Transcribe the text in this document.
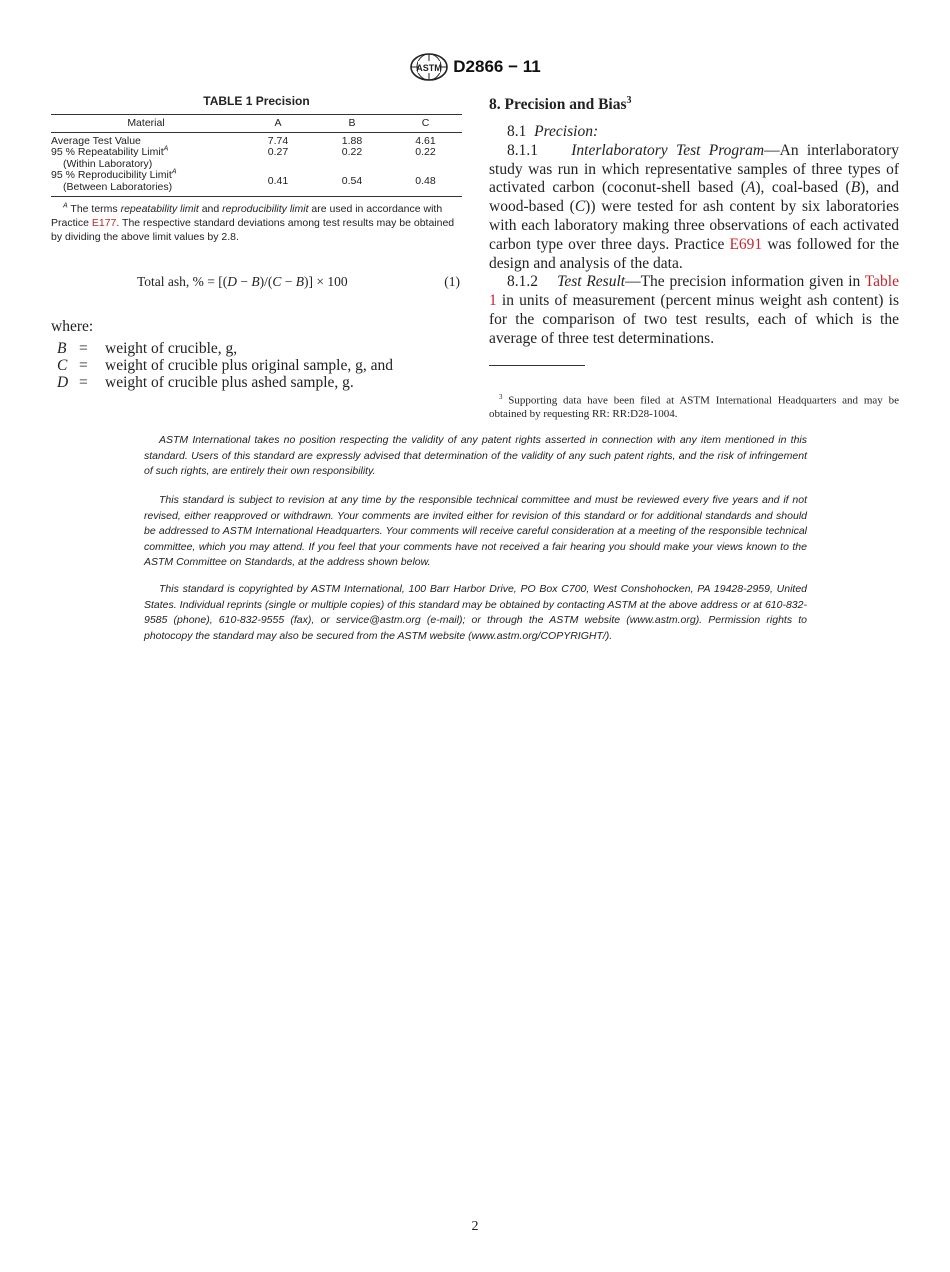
ASTM D2866 − 11
TABLE 1 Precision
Material	A	B	C
Average Test Value	7.74	1.88	4.61
95 % Repeatability Limit$^A$
(Within Laboratory)	0.27	0.22	0.22
95 % Reproducibility Limit$^A$
(Between Laboratories)	0.41	0.54	0.48

$^A$ The terms repeatability limit and reproducibility limit are used in accordance with Practice E177. The respective standard deviations among test results may be obtained by dividing the above limit values by 2.8.

Total ash, % = [(D − B)/(C − B)] × 100	(1)
where:
B =	weight of crucible, g,
C =	weight of crucible plus original sample, g, and
D =	weight of crucible plus ashed sample, g.
8. Precision and Bias$^3$

8.1 Precision:

8.1.1 Interlaboratory Test Program—An interlaboratory study was run in which representative samples of three types of activated carbon (coconut-shell based (A), coal-based (B), and wood-based (C)) were tested for ash content by six laboratories with each laboratory making three observations of each activated carbon type over three days. Practice E691 was followed for the design and analysis of the data.

8.1.2 Test Result—The precision information given in Table 1 in units of measurement (percent minus weight ash content) is for the comparison of two test results, each of which is the average of three test determinations.

$^3$ Supporting data have been filed at ASTM International Headquarters and may be obtained by requesting RR: RR:D28-1004.

ASTM International takes no position respecting the validity of any patent rights asserted in connection with any item mentioned in this standard. Users of this standard are expressly advised that determination of the validity of any such patent rights, and the risk of infringement of such rights, are entirely their own responsibility.

This standard is subject to revision at any time by the responsible technical committee and must be reviewed every five years and if not revised, either reapproved or withdrawn. Your comments are invited either for revision of this standard or for additional standards and should be addressed to ASTM International Headquarters. Your comments will receive careful consideration at a meeting of the responsible technical committee, which you may attend. If you feel that your comments have not received a fair hearing you should make your views known to the ASTM Committee on Standards, at the address shown below.

This standard is copyrighted by ASTM International, 100 Barr Harbor Drive, PO Box C700, West Conshohocken, PA 19428-2959, United States. Individual reprints (single or multiple copies) of this standard may be obtained by contacting ASTM at the above address or at 610-832-9585 (phone), 610-832-9555 (fax), or service@astm.org (e-mail); or through the ASTM website (www.astm.org). Permission rights to photocopy the standard may also be secured from the ASTM website (www.astm.org/COPYRIGHT/).

2
